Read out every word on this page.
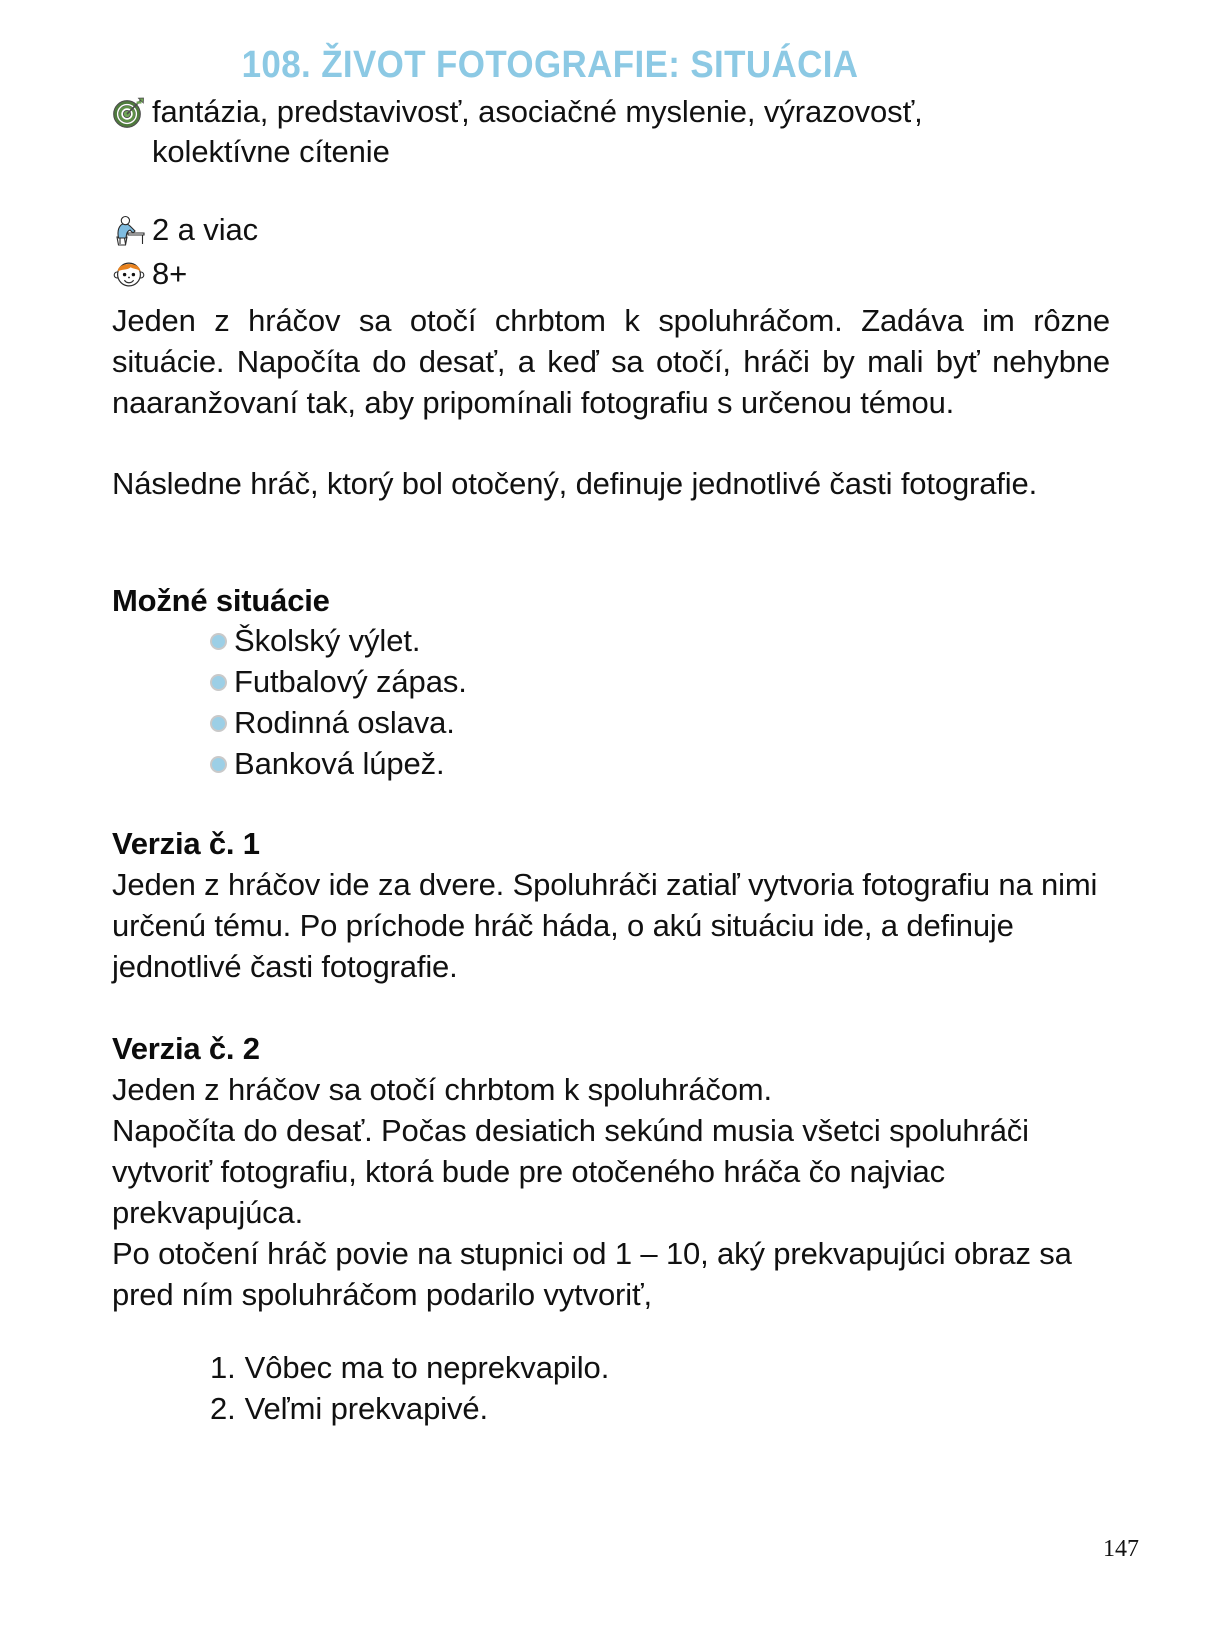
108. ŽIVOT FOTOGRAFIE: SITUÁCIA
fantázia, predstavivosť, asociačné myslenie, výrazovosť,
kolektívne cítenie
2 a viac
8+

Jeden z hráčov sa otočí chrbtom k spoluhráčom. Zadáva im rôzne situácie. Napočíta do desať, a keď sa otočí, hráči by mali byť nehybne naaranžovaní tak, aby pripomínali fotografiu s určenou témou.

Následne hráč, ktorý bol otočený, definuje jednotlivé časti fotografie.

Možné situácie
Školský výlet.
Futbalový zápas.
Rodinná oslava.
Banková lúpež.
Verzia č. 1

Jeden z hráčov ide za dvere. Spoluhráči zatiaľ vytvoria fotografiu na nimi určenú tému. Po príchode hráč háda, o akú situáciu ide, a definuje jednotlivé časti fotografie.

Verzia č. 2

Jeden z hráčov sa otočí chrbtom k spoluhráčom.

Napočíta do desať. Počas desiatich sekúnd musia všetci spoluhráči vytvoriť fotografiu, ktorá bude pre otočeného hráča čo najviac prekvapujúca.

Po otočení hráč povie na stupnici od 1 – 10, aký prekvapujúci obraz sa pred ním spoluhráčom podarilo vytvoriť,

1. Vôbec ma to neprekvapilo.
2. Veľmi prekvapivé.
147
